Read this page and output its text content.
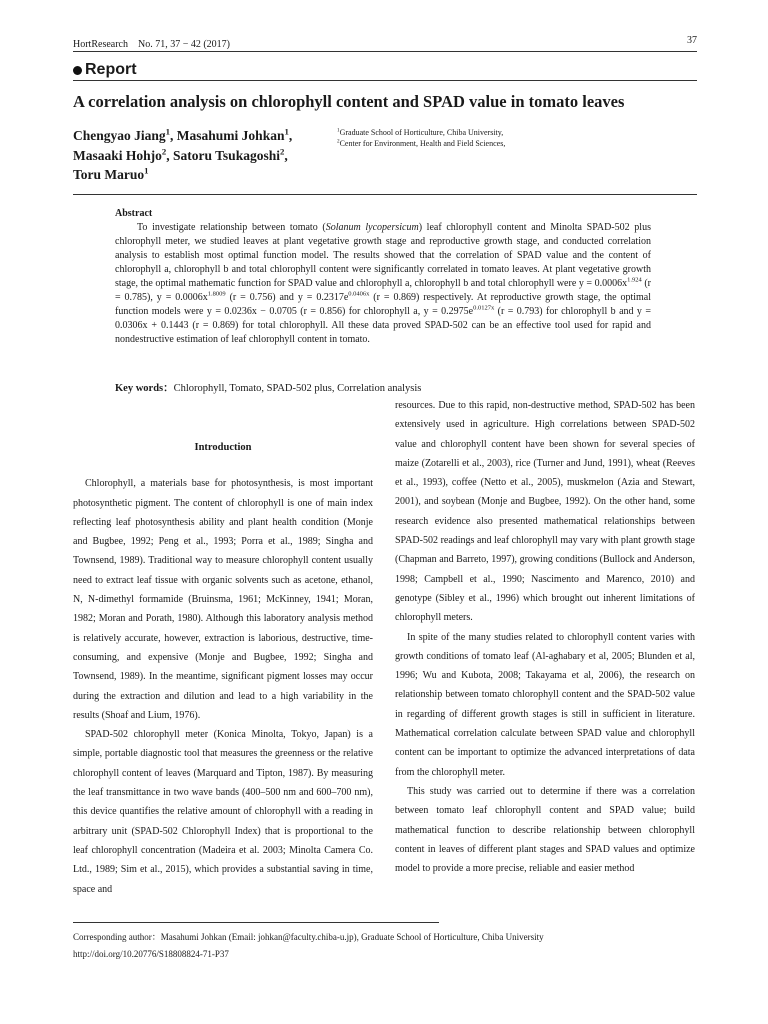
HortResearch　No. 71, 37 − 42 (2017)	37
Report
A correlation analysis on chlorophyll content and SPAD value in tomato leaves
Chengyao Jiang$^1$, Masahumi Johkan$^1$,
Masaaki Hohjo$^2$, Satoru Tsukagoshi$^2$,
Toru Maruo$^1$
$^1$Graduate School of Horticulture, Chiba University,
$^2$Center for Environment, Health and Field Sciences,
Abstract
To investigate relationship between tomato (Solanum lycopersicum) leaf chlorophyll content and Minolta SPAD-502 plus chlorophyll meter, we studied leaves at plant vegetative growth stage and reproductive growth stage, and conducted correlation analysis to establish most optimal function model. The results showed that the correlation of SPAD value and the content of chlorophyll a, chlorophyll b and total chlorophyll content were significantly correlated in tomato leaves. At plant vegetative growth stage, the optimal mathematic function for SPAD value and chlorophyll a, chlorophyll b and total chlorophyll were $y = 0.0006x^{1.924}$ (r = 0.785), $y = 0.0006x^{1.8009}$ (r = 0.756) and $y = 0.2317e^{0.0406x}$ (r = 0.869) respectively. At reproductive growth stage, the optimal function models were y = 0.0236x − 0.0705 (r = 0.856) for chlorophyll a, $y = 0.2975e^{0.0127x}$ (r = 0.793) for chlorophyll b and y = 0.0306x + 0.1443 (r = 0.869) for total chlorophyll. All these data proved SPAD-502 can be an effective tool used for rapid and nondestructive estimation of leaf chlorophyll content in tomato.
Key words：Chlorophyll, Tomato, SPAD-502 plus, Correlation analysis
Introduction

Chlorophyll, a materials base for photosynthesis, is most important photosynthetic pigment. The content of chlorophyll is one of main index reflecting leaf photosynthesis ability and plant health condition (Monje and Bugbee, 1992; Peng et al., 1993; Porra et al., 1989; Singha and Townsend, 1989). Traditional way to measure chlorophyll content usually need to extract leaf tissue with organic solvents such as acetone, ethanol, N, N-dimethyl formamide (Bruinsma, 1961; McKinney, 1941; Moran, 1982; Moran and Porath, 1980). Although this laboratory analysis method is relatively accurate, however, extraction is laborious, destructive, time-consuming, and expensive (Monje and Bugbee, 1992; Singha and Townsend, 1989). In the meantime, significant pigment losses may occur during the extraction and dilution and lead to a high variability in the results (Shoaf and Lium, 1976).

SPAD-502 chlorophyll meter (Konica Minolta, Tokyo, Japan) is a simple, portable diagnostic tool that measures the greenness or the relative chlorophyll content of leaves (Marquard and Tipton, 1987). By measuring the leaf transmittance in two wave bands (400–500 nm and 600–700 nm), this device quantifies the relative amount of chlorophyll with a reading in arbitrary unit (SPAD-502 Chlorophyll Index) that is proportional to the leaf chlorophyll concentration (Madeira et al. 2003; Minolta Camera Co. Ltd., 1989; Sim et al., 2015), which provides a substantial saving in time, space and

resources. Due to this rapid, non-destructive method, SPAD-502 has been extensively used in agriculture. High correlations between SPAD-502 value and chlorophyll content have been shown for several species of maize (Zotarelli et al., 2003), rice (Turner and Jund, 1991), wheat (Reeves et al., 1993), coffee (Netto et al., 2005), muskmelon (Azia and Stewart, 2001), and soybean (Monje and Bugbee, 1992). On the other hand, some research evidence also presented mathematical relationships between SPAD-502 readings and leaf chlorophyll may vary with plant growth stage (Chapman and Barreto, 1997), growing conditions (Bullock and Anderson, 1998; Campbell et al., 1990; Nascimento and Marenco, 2010) and genotype (Sibley et al., 1996) which brought out inherent limitations of chlorophyll meters.

In spite of the many studies related to chlorophyll content varies with growth conditions of tomato leaf (Al-aghabary et al, 2005; Blunden et al, 1996; Wu and Kubota, 2008; Takayama et al, 2006), the research on relationship between tomato chlorophyll content and the SPAD-502 value in regarding of different growth stages is still in sufficient in literature. Mathematical correlation calculate between SPAD value and chlorophyll content can be important to optimize the advanced interpretations of data from the chlorophyll meter.

This study was carried out to determine if there was a correlation between tomato leaf chlorophyll content and SPAD value; build mathematical function to describe relationship between chlorophyll content in leaves of different plant stages and SPAD values and optimize model to provide a more precise, reliable and easier method

Corresponding author：Masahumi Johkan (Email: johkan@faculty.chiba-u.jp), Graduate School of Horticulture, Chiba University
http://doi.org/10.20776/S18808824-71-P37
